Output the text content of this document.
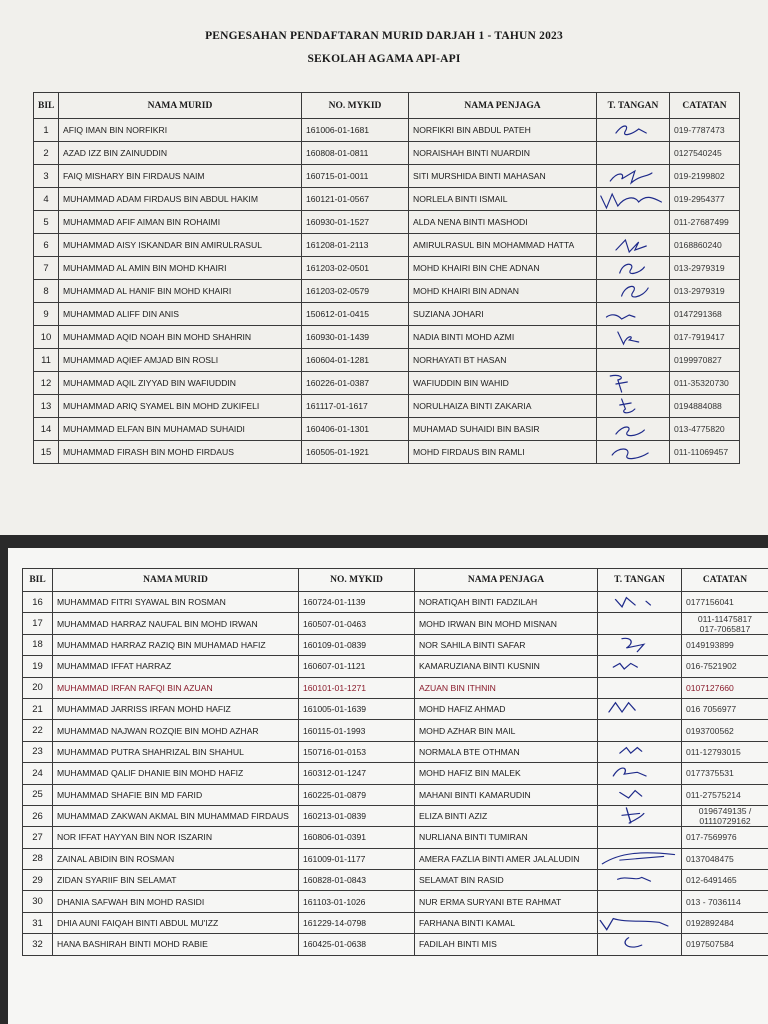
PENGESAHAN PENDAFTARAN MURID DARJAH 1 - TAHUN 2023
SEKOLAH AGAMA API-API
BIL	NAMA MURID	NO. MYKID	NAMA PENJAGA	T. TANGAN	CATATAN
1	AFIQ IMAN BIN NORFIKRI	161006-01-1681	NORFIKRI BIN ABDUL PATEH		019-7787473
2	AZAD IZZ BIN ZAINUDDIN	160808-01-0811	NORAISHAH BINTI NUARDIN		0127540245
3	FAIQ MISHARY BIN FIRDAUS NAIM	160715-01-0011	SITI MURSHIDA BINTI MAHASAN		019-2199802
4	MUHAMMAD ADAM FIRDAUS BIN ABDUL HAKIM	160121-01-0567	NORLELA BINTI ISMAIL		019-2954377
5	MUHAMMAD AFIF AIMAN BIN ROHAIMI	160930-01-1527	ALDA NENA BINTI MASHODI		011-27687499
6	MUHAMMAD AISY ISKANDAR BIN AMIRULRASUL	161208-01-2113	AMIRULRASUL BIN MOHAMMAD HATTA		0168860240
7	MUHAMMAD AL AMIN BIN MOHD KHAIRI	161203-02-0501	MOHD KHAIRI BIN CHE ADNAN		013-2979319
8	MUHAMMAD AL HANIF BIN MOHD KHAIRI	161203-02-0579	MOHD KHAIRI BIN ADNAN		013-2979319
9	MUHAMMAD ALIFF DIN ANIS	150612-01-0415	SUZIANA JOHARI		0147291368
10	MUHAMMAD AQID NOAH BIN MOHD SHAHRIN	160930-01-1439	NADIA BINTI MOHD AZMI		017-7919417
11	MUHAMMAD AQIEF AMJAD BIN ROSLI	160604-01-1281	NORHAYATI BT HASAN		0199970827
12	MUHAMMAD AQIL ZIYYAD BIN WAFIUDDIN	160226-01-0387	WAFIUDDIN BIN WAHID		011-35320730
13	MUHAMMAD ARIQ SYAMEL BIN MOHD ZUKIFELI	161117-01-1617	NORULHAIZA BINTI ZAKARIA		0194884088
14	MUHAMMAD ELFAN BIN MUHAMAD SUHAIDI	160406-01-1301	MUHAMAD SUHAIDI BIN BASIR		013-4775820
15	MUHAMMAD FIRASH BIN MOHD FIRDAUS	160505-01-1921	MOHD FIRDAUS BIN RAMLI		011-11069457
BIL	NAMA MURID	NO. MYKID	NAMA PENJAGA	T. TANGAN	CATATAN
16	MUHAMMAD FITRI SYAWAL BIN ROSMAN	160724-01-1139	NORATIQAH BINTI FADZILAH		0177156041
17	MUHAMMAD HARRAZ NAUFAL BIN MOHD IRWAN	160507-01-0463	MOHD IRWAN BIN MOHD MISNAN		011-11475817
017-7065817

18	MUHAMMAD HARRAZ RAZIQ BIN MUHAMAD HAFIZ	160109-01-0839	NOR SAHILA BINTI SAFAR		0149193899
19	MUHAMMAD IFFAT HARRAZ	160607-01-1121	KAMARUZIANA BINTI KUSNIN		016-7521902
20	MUHAMMAD IRFAN RAFQI BIN AZUAN	160101-01-1271	AZUAN BIN ITHNIN		0107127660
21	MUHAMMAD JARRISS IRFAN MOHD HAFIZ	161005-01-1639	MOHD HAFIZ AHMAD		016 7056977
22	MUHAMMAD NAJWAN ROZQIE BIN MOHD AZHAR	160115-01-1993	MOHD AZHAR BIN MAIL		0193700562
23	MUHAMMAD PUTRA SHAHRIZAL BIN SHAHUL	150716-01-0153	NORMALA BTE OTHMAN		011-12793015
24	MUHAMMAD QALIF DHANIE BIN MOHD HAFIZ	160312-01-1247	MOHD HAFIZ BIN MALEK		0177375531
25	MUHAMMAD SHAFIE BIN MD FARID	160225-01-0879	MAHANI BINTI KAMARUDIN		011-27575214
26	MUHAMMAD ZAKWAN AKMAL BIN MUHAMMAD FIRDAUS	160213-01-0839	ELIZA BINTI AZIZ		0196749135 /
01110729162

27	NOR IFFAT HAYYAN BIN NOR ISZARIN	160806-01-0391	NURLIANA BINTI TUMIRAN		017-7569976
28	ZAINAL ABIDIN BIN ROSMAN	161009-01-1177	AMERA FAZLIA BINTI AMER JALALUDIN		0137048475
29	ZIDAN SYARIIF BIN SELAMAT	160828-01-0843	SELAMAT BIN RASID		012-6491465
30	DHANIA SAFWAH BIN MOHD RASIDI	161103-01-1026	NUR ERMA SURYANI BTE RAHMAT		013 - 7036114
31	DHIA AUNI FAIQAH BINTI ABDUL MU'IZZ	161229-14-0798	FARHANA BINTI KAMAL		0192892484
32	HANA BASHIRAH BINTI MOHD RABIE	160425-01-0638	FADILAH BINTI MIS		0197507584
